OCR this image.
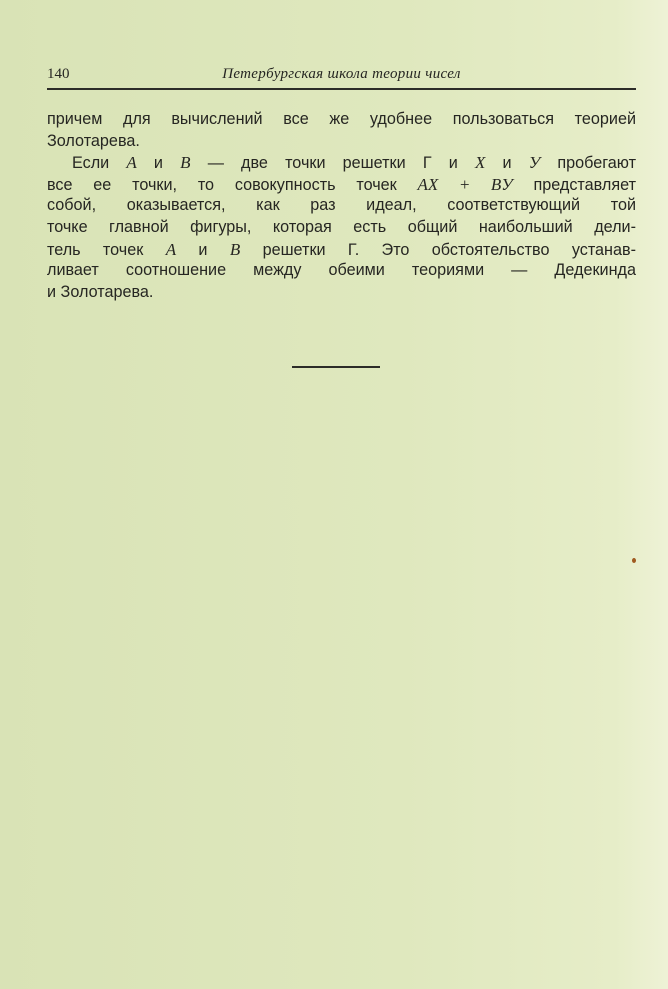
140	Петербургская школа теории чисел
причем для вычислений все же удобнее пользоваться теорией
Золотарева.
Если A и B — две точки решетки Г и X и У пробегают
все ее точки, то совокупность точек AX + BУ представляет
собой, оказывается, как раз идеал, соответствующий той
точке главной фигуры, которая есть общий наибольший дели-
тель точек A и B решетки Г. Это обстоятельство устанав-
ливает соотношение между обеими теориями — Дедекинда
и Золотарева.
